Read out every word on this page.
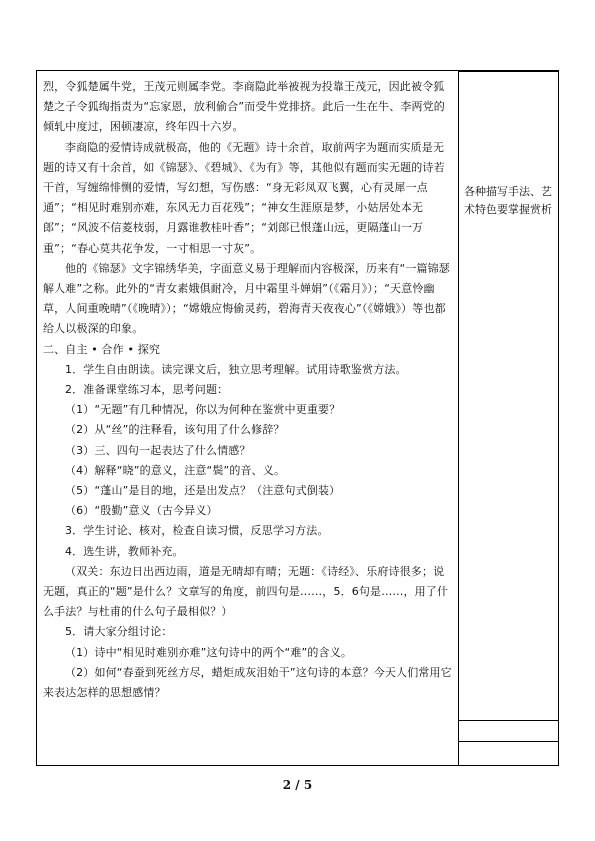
烈，令狐楚属牛党，王茂元则属李党。李商隐此举被视为投靠王茂元，因此被令狐楚之子令狐绹指责为“忘家恩，放利偷合”而受牛党排挤。此后一生在牛、李两党的倾轧中度过，困顿凄凉，终年四十六岁。

李商隐的爱情诗成就极高，他的《无题》诗十余首，取前两字为题而实质是无题的诗又有十余首，如《锦瑟》、《碧城》、《为有》等，其他似有题而实无题的诗若干首，写缠绵悱恻的爱情，写幻想，写伤感：“身无彩凤双飞翼，心有灵犀一点通”；“相见时难别亦难，东风无力百花残”；“神女生涯原是梦，小姑居处本无郎”；“风波不信菱枝弱，月露谁教桂叶香”；“刘郎已恨蓬山远，更隔蓬山一万重”；“春心莫共花争发，一寸相思一寸灰”。

他的《锦瑟》文字锦绣华美，字面意义易于理解而内容极深，历来有“一篇锦瑟解人难”之称。此外的“青女素娥俱耐冷，月中霜里斗婵娟”（《霜月》）；“天意怜幽草，人间重晚晴”（《晚晴》）；“嫦娥应悔偷灵药，碧海青天夜夜心”（《嫦娥》）等也都给人以极深的印象。

二、自主 • 合作 • 探究

1．学生自由朗读。读完课文后，独立思考理解。试用诗歌鉴赏方法。

2．准备课堂练习本，思考问题：

（1）“无题”有几种情况，你以为何种在鉴赏中更重要？

（2）从“丝”的注释看，该句用了什么修辞？

（3）三、四句一起表达了什么情感？

（4）解释“晓”的意义，注意“鬓”的音、义。

（5）“蓬山”是目的地，还是出发点？（注意句式倒装）

（6）“殷勤”意义（古今异义）

3．学生讨论、核对，检查自读习惯，反思学习方法。

4．选生讲，教师补充。

（双关：东边日出西边雨，道是无晴却有晴；无题：《诗经》、乐府诗很多；说无题，真正的“题”是什么？文章写的角度，前四句是……，5．6句是……，用了什么手法？与杜甫的什么句子最相似？）

5．请大家分组讨论：

（1）诗中“相见时难别亦难”这句诗中的两个“难”的含义。

（2）如何“春蚕到死丝方尽，蜡炬成灰泪始干”这句诗的本意？今天人们常用它来表达怎样的思想感情？

各种描写手法、艺术特色要掌握赏析
2 / 5
